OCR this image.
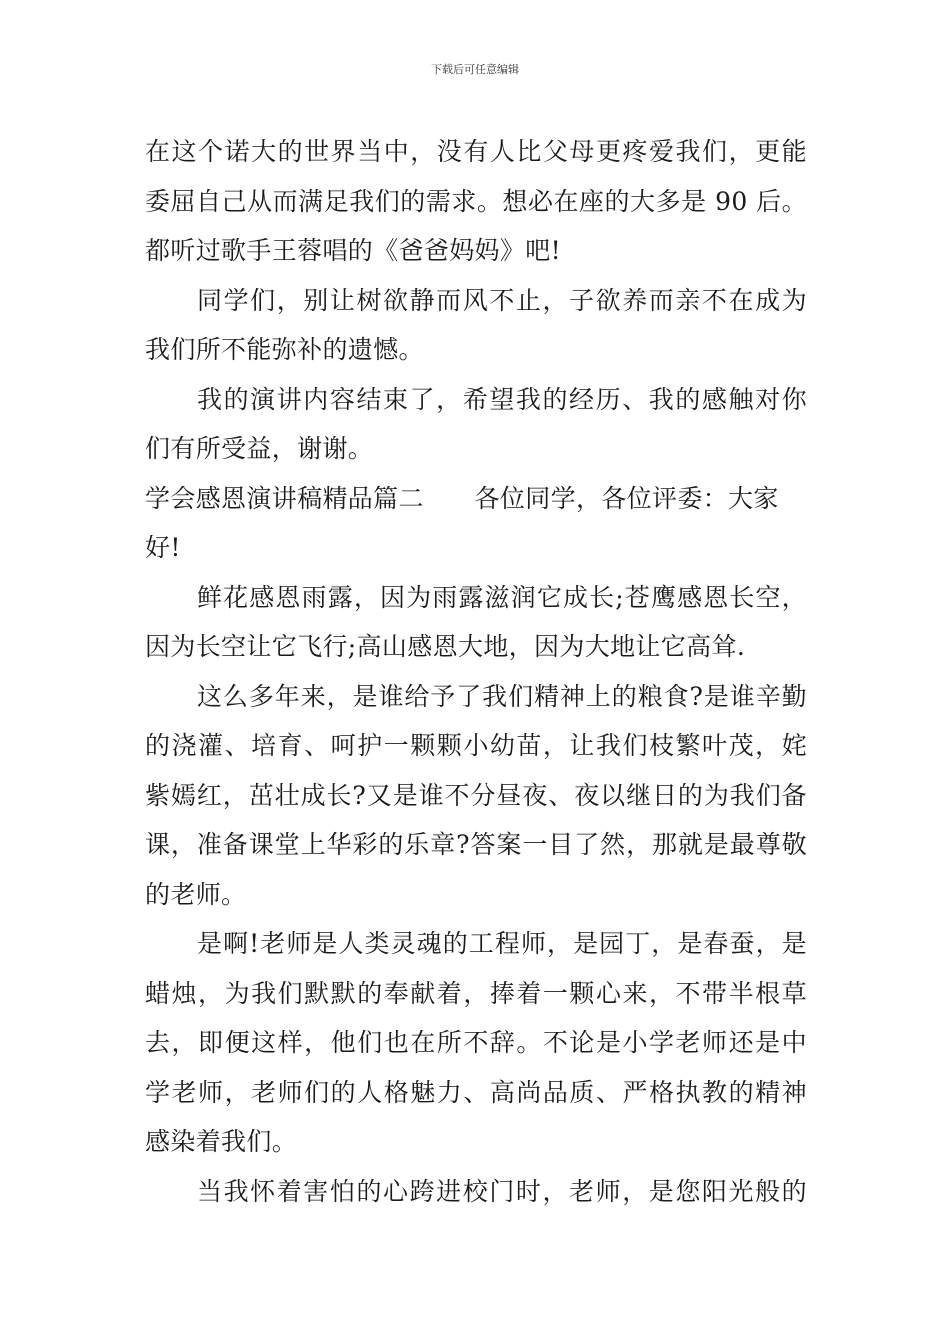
下载后可任意编辑
在这个诺大的世界当中，没有人比父母更疼爱我们，更能
委屈自己从而满足我们的需求。想必在座的大多是 90 后。
都听过歌手王蓉唱的《爸爸妈妈》吧!
同学们，别让树欲静而风不止，子欲养而亲不在成为
我们所不能弥补的遗憾。
我的演讲内容结束了，希望我的经历、我的感触对你
们有所受益，谢谢。
学会感恩演讲稿精品篇二　　各位同学，各位评委：大家
好!
鲜花感恩雨露，因为雨露滋润它成长;苍鹰感恩长空，
因为长空让它飞行;高山感恩大地，因为大地让它高耸.
这么多年来，是谁给予了我们精神上的粮食?是谁辛勤
的浇灌、培育、呵护一颗颗小幼苗，让我们枝繁叶茂，姹
紫嫣红，茁壮成长?又是谁不分昼夜、夜以继日的为我们备
课，准备课堂上华彩的乐章?答案一目了然，那就是最尊敬
的老师。
是啊!老师是人类灵魂的工程师，是园丁，是春蚕，是
蜡烛，为我们默默的奉献着，捧着一颗心来，不带半根草
去，即便这样，他们也在所不辞。不论是小学老师还是中
学老师，老师们的人格魅力、高尚品质、严格执教的精神
感染着我们。
当我怀着害怕的心跨进校门时，老师，是您阳光般的
